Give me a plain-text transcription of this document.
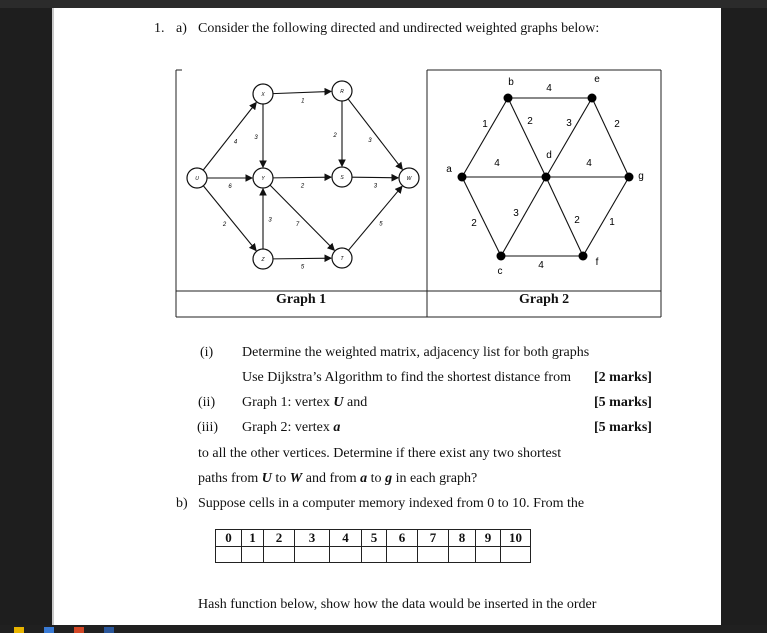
1. a) Consider the following directed and undirected weighted graphs below:
U
X
Y
Z
R
S
T
W
4
1
3
6	2	3
2
5
5
3	2
3
7
1
4
2
2	3
4	4
2
3
2	1
4
a
b
c
d
e
f
g
Graph 1	Graph 2
(i) Determine the weighted matrix, adjacency list for both graphs
Use Dijkstra’s Algorithm to find the shortest distance from [2 marks]
(ii) Graph 1: vertex U and	[5 marks]
(iii) Graph 2: vertex a	[5 marks]
to all the other vertices. Determine if there exist any two shortest
paths from U to W and from a to g in each graph?
b) Suppose cells in a computer memory indexed from 0 to 10. From the
0	1	2	3	4	5	6	7	8	9	10

Hash function below, show how the data would be inserted in the order
